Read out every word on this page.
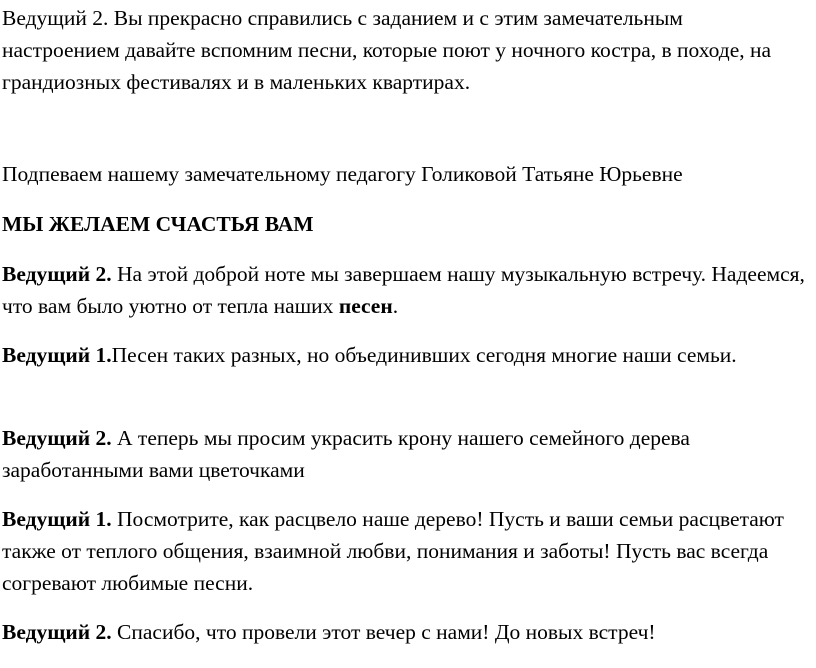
Ведущий 2. Вы прекрасно справились с заданием и с этим замечательным настроением давайте вспомним песни, которые поют у ночного костра, в походе, на грандиозных фестивалях и в маленьких квартирах.

Подпеваем нашему замечательному педагогу Голиковой Татьяне Юрьевне

МЫ ЖЕЛАЕМ СЧАСТЬЯ ВАМ

Ведущий 2. На этой доброй ноте мы завершаем нашу музыкальную встречу. Надеемся, что вам было уютно от тепла наших песен.

Ведущий 1.Песен таких разных, но объединивших сегодня многие наши семьи.

Ведущий 2. А теперь мы просим украсить крону нашего семейного дерева заработанными вами цветочками

Ведущий 1. Посмотрите, как расцвело наше дерево! Пусть и ваши семьи расцветают также от теплого общения, взаимной любви, понимания и заботы! Пусть вас всегда согревают любимые песни.

Ведущий 2. Спасибо, что провели этот вечер с нами! До новых встреч!
